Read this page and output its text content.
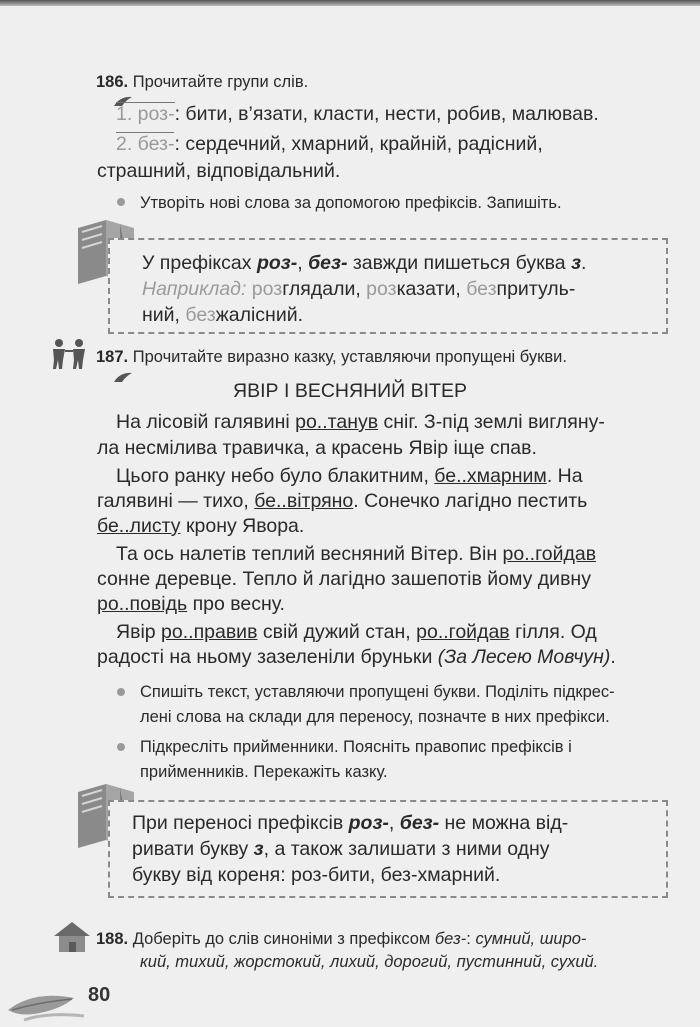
186. Прочитайте групи слів.
1. роз-: бити, в’язати, класти, нести, робив, малював.
2. без-: сердечний, хмарний, крайній, радісний,
страшний, відповідальний.
Утворіть нові слова за допомогою префіксів. Запишіть.
У префіксах роз-, без- завжди пишеться буква з.
Наприклад: розглядали, розказати, безпритуль-
ний, безжалісний.
187. Прочитайте виразно казку, уставляючи пропущені букви.
ЯВІР І ВЕСНЯНИЙ ВІТЕР
На лісовій галявині ро..танув сніг. З-під землі вигляну-
ла несмілива травичка, а красень Явір іще спав.
Цього ранку небо було блакитним, бе..хмарним. На
галявині — тихо, бе..вітряно. Сонечко лагідно пестить
бе..листу крону Явора.
Та ось налетів теплий весняний Вітер. Він ро..гойдав
сонне деревце. Тепло й лагідно зашепотів йому дивну
ро..повідь про весну.
Явір ро..правив свій дужий стан, ро..гойдав гілля. Од
радості на ньому зазеленіли бруньки (За Лесею Мовчун).
Спишіть текст, уставляючи пропущені букви. Поділіть підкрес-
лені слова на склади для переносу, позначте в них префікси.
Підкресліть прийменники. Поясніть правопис префіксів і
прийменників. Перекажіть казку.
При переносі префіксів роз-, без- не можна від-
ривати букву з, а також залишати з ними одну
букву від кореня: роз-бити, без-хмарний.
188. Доберіть до слів синоніми з префіксом без-: сумний, широ-
кий, тихий, жорстокий, лихий, дорогий, пустинний, сухий.
80
